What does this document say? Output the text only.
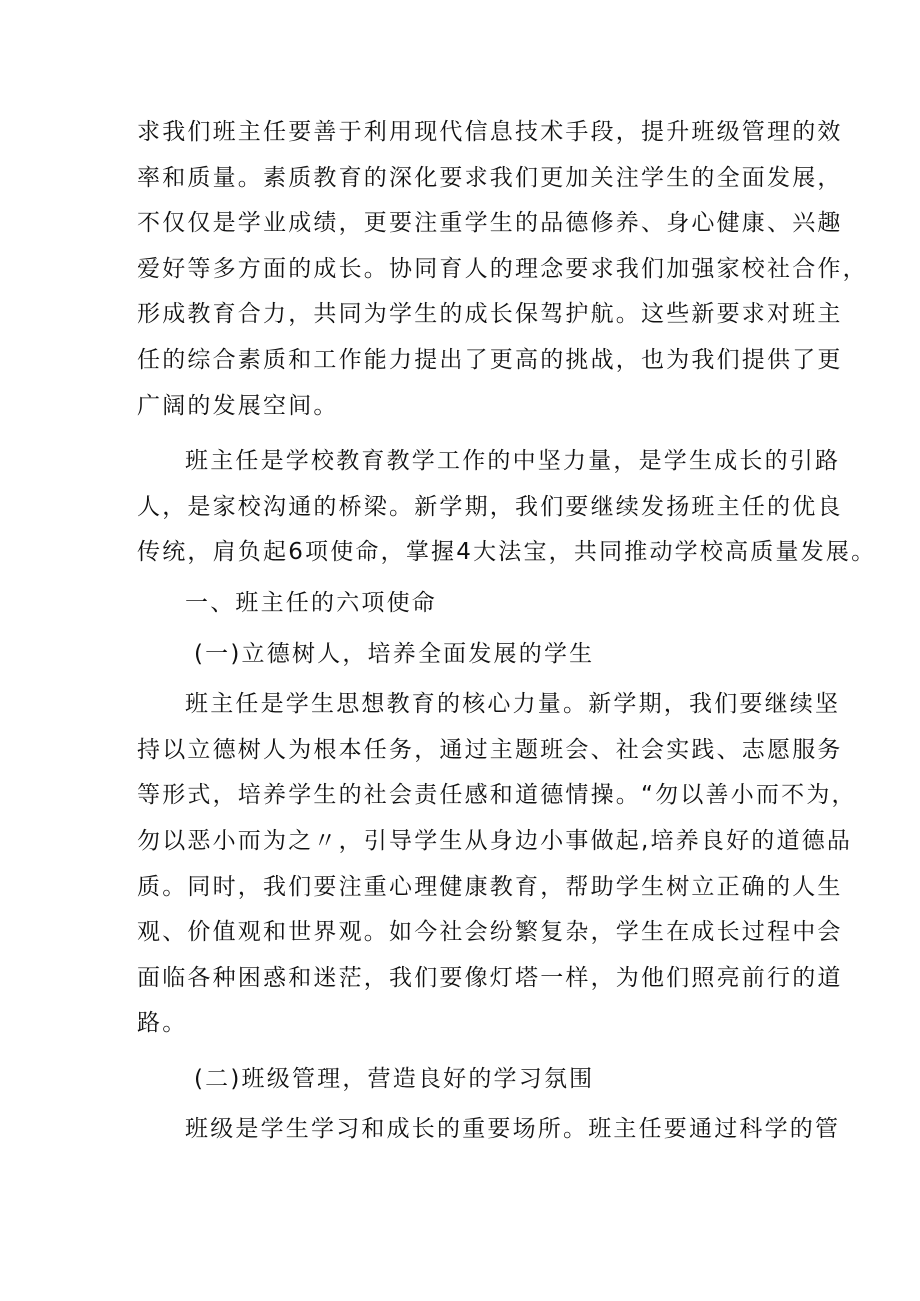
求我们班主任要善于利用现代信息技术手段，提升班级管理的效
率和质量。素质教育的深化要求我们更加关注学生的全面发展，
不仅仅是学业成绩，更要注重学生的品德修养、身心健康、兴趣
爱好等多方面的成长。协同育人的理念要求我们加强家校社合作，
形成教育合力，共同为学生的成长保驾护航。这些新要求对班主
任的综合素质和工作能力提出了更高的挑战，也为我们提供了更
广阔的发展空间。
班主任是学校教育教学工作的中坚力量，是学生成长的引路
人，是家校沟通的桥梁。新学期，我们要继续发扬班主任的优良
传统，肩负起6项使命，掌握4大法宝，共同推动学校高质量发展。
一、班主任的六项使命
(一)立德树人，培养全面发展的学生
班主任是学生思想教育的核心力量。新学期，我们要继续坚
持以立德树人为根本任务，通过主题班会、社会实践、志愿服务
等形式，培养学生的社会责任感和道德情操。“勿以善小而不为，
勿以恶小而为之〃，引导学生从身边小事做起,培养良好的道德品
质。同时，我们要注重心理健康教育，帮助学生树立正确的人生
观、价值观和世界观。如今社会纷繁复杂，学生在成长过程中会
面临各种困惑和迷茫，我们要像灯塔一样，为他们照亮前行的道
路。
(二)班级管理，营造良好的学习氛围
班级是学生学习和成长的重要场所。班主任要通过科学的管
